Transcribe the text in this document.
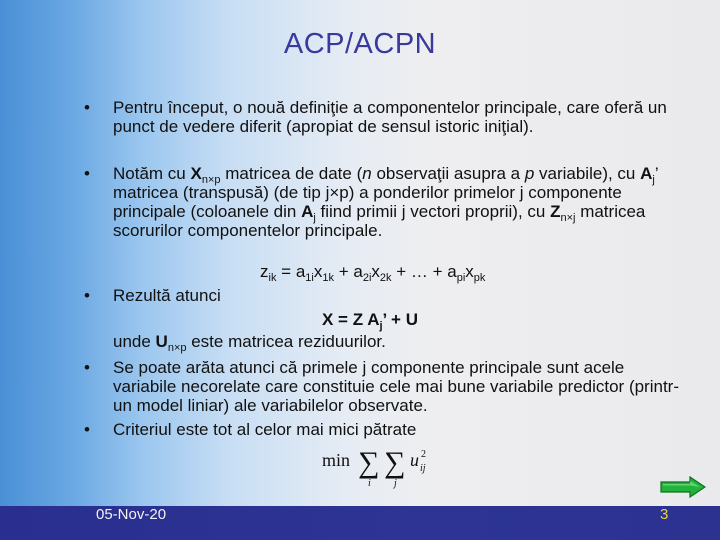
ACP/ACPN
• Pentru început, o nouă definiţie a componentelor principale, care oferă un punct de vedere diferit (apropiat de sensul istoric iniţial).
• Notăm cu $X_{n\times p}$ matricea de date (n observaţii asupra a p variabile), cu $A_j$’ matricea (transpusă) (de tip j×p) a ponderilor primelor j componente principale (coloanele din $A_j$ fiind primii j vectori proprii), cu $Z_{n\times j}$ matricea scorurilor componentelor principale.
$z_{ik} = a_{1i}x_{1k} + a_{2i}x_{2k}$ + … + $a_{pi}x_{pk}$
• Rezultă atunci
X = Z $A_j$’ + U
unde $U_{n\times p}$ este matricea reziduurilor.
• Se poate arăta atunci că primele j componente principale sunt acele variabile necorelate care constituie cele mai bune variabile predictor (printr-un model liniar) ale variabilelor observate.
• Criteriul este tot al celor mai mici pătrate
min ∑
i
∑
j
u ij
2
05-Nov-20	3
